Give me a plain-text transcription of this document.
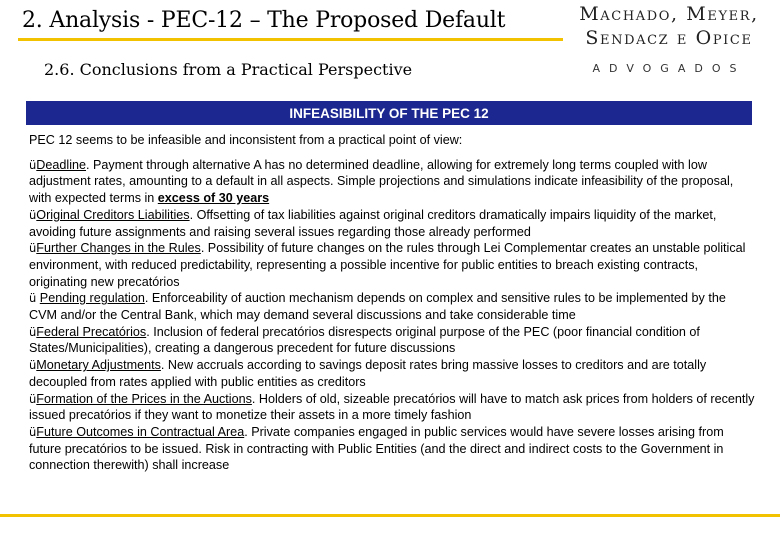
2. Analysis - PEC-12 – The Proposed Default	Machado, Meyer,
Sendacz e Opice
ADVOGADOS
2.6. Conclusions from a Practical Perspective
INFEASIBILITY OF THE PEC 12

PEC 12 seems to be infeasible and inconsistent from a practical point of view:

üDeadline. Payment through alternative A has no determined deadline, allowing for extremely long terms coupled with low adjustment rates, amounting to a default in all aspects. Simple projections and simulations indicate infeasibility of the proposal, with expected terms in excess of 30 years

üOriginal Creditors Liabilities. Offsetting of tax liabilities against original creditors dramatically impairs liquidity of the market, avoiding future assignments and raising several issues regarding those already performed

üFurther Changes in the Rules. Possibility of future changes on the rules through Lei Complementar creates an unstable political environment, with reduced predictability, representing a possible incentive for public entities to breach existing contracts, originating new precatórios

ü Pending regulation. Enforceability of auction mechanism depends on complex and sensitive rules to be implemented by the CVM and/or the Central Bank, which may demand several discussions and take considerable time

üFederal Precatórios. Inclusion of federal precatórios disrespects original purpose of the PEC (poor financial condition of States/Municipalities), creating a dangerous precedent for future discussions

üMonetary Adjustments. New accruals according to savings deposit rates bring massive losses to creditors and are totally decoupled from rates applied with public entities as creditors

üFormation of the Prices in the Auctions. Holders of old, sizeable precatórios will have to match ask prices from holders of recently issued precatórios if they want to monetize their assets in a more timely fashion

üFuture Outcomes in Contractual Area. Private companies engaged in public services would have severe losses arising from future precatórios to be issued. Risk in contracting with Public Entities (and the direct and indirect costs to the Government in connection therewith) shall increase
